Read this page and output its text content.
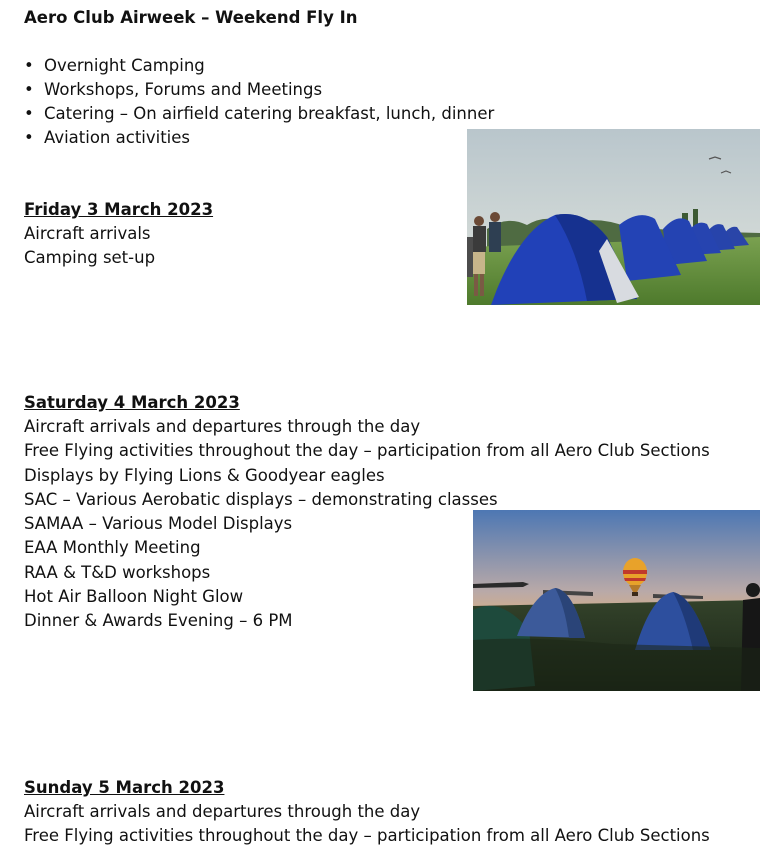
Aero Club Airweek – Weekend Fly In
• Overnight Camping
• Workshops, Forums and Meetings
• Catering – On airfield catering breakfast, lunch, dinner
• Aviation activities
Friday 3 March 2023
Aircraft arrivals
Camping set-up
Saturday 4 March 2023
Aircraft arrivals and departures through the day
Free Flying activities throughout the day – participation from all Aero Club Sections
Displays by Flying Lions & Goodyear eagles
SAC – Various Aerobatic displays – demonstrating classes
SAMAA – Various Model Displays
EAA Monthly Meeting
RAA & T&D workshops
Hot Air Balloon Night Glow
Dinner & Awards Evening – 6 PM
Sunday 5 March 2023
Aircraft arrivals and departures through the day
Free Flying activities throughout the day – participation from all Aero Club Sections
